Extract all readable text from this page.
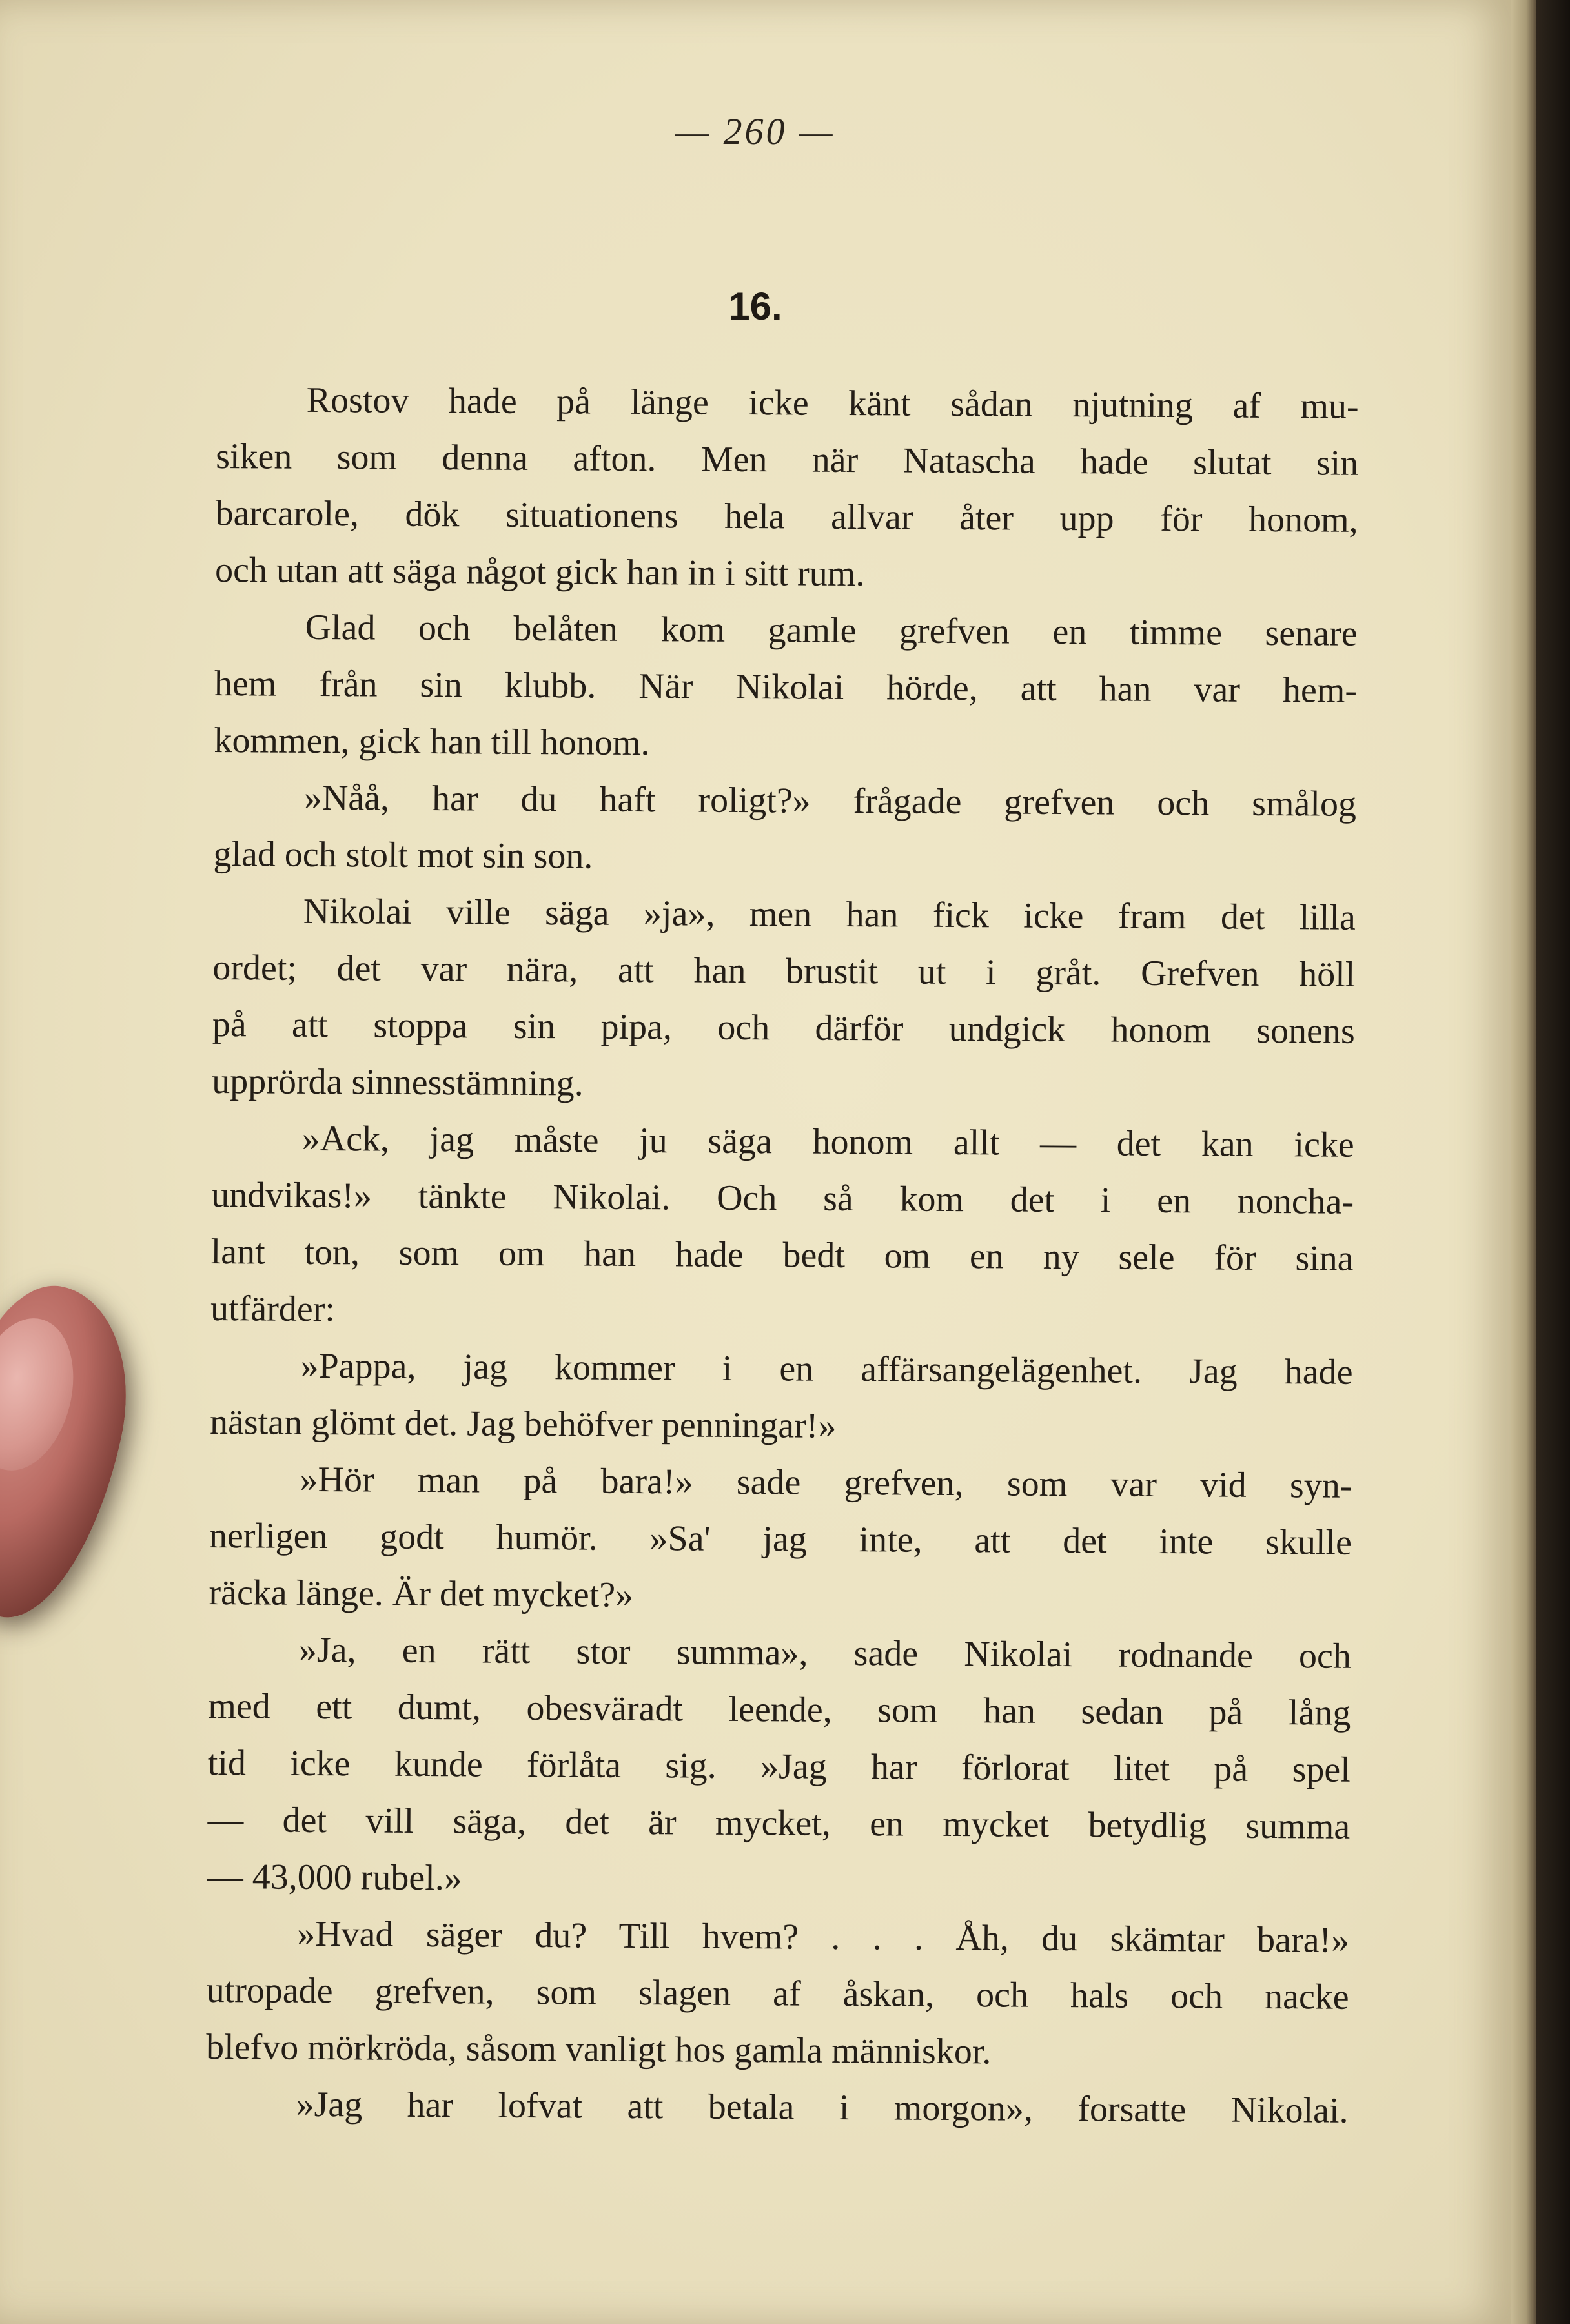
— 260 —
16.
Rostov hade på länge icke känt sådan njutning af mu-
siken som denna afton. Men när Natascha hade slutat sin
barcarole, dök situationens hela allvar åter upp för honom,
och utan att säga något gick han in i sitt rum.
Glad och belåten kom gamle grefven en timme senare
hem från sin klubb. När Nikolai hörde, att han var hem-
kommen, gick han till honom.
»Nåå, har du haft roligt?» frågade grefven och smålog
glad och stolt mot sin son.
Nikolai ville säga »ja», men han fick icke fram det lilla
ordet; det var nära, att han brustit ut i gråt. Grefven höll
på att stoppa sin pipa, och därför undgick honom sonens
upprörda sinnesstämning.
»Ack, jag måste ju säga honom allt — det kan icke
undvikas!» tänkte Nikolai. Och så kom det i en noncha-
lant ton, som om han hade bedt om en ny sele för sina
utfärder:
»Pappa, jag kommer i en affärsangelägenhet. Jag hade
nästan glömt det. Jag behöfver penningar!»
»Hör man på bara!» sade grefven, som var vid syn-
nerligen godt humör. »Sa' jag inte, att det inte skulle
räcka länge. Är det mycket?»
»Ja, en rätt stor summa», sade Nikolai rodnande och
med ett dumt, obesväradt leende, som han sedan på lång
tid icke kunde förlåta sig. »Jag har förlorat litet på spel
— det vill säga, det är mycket, en mycket betydlig summa
— 43,000 rubel.»
»Hvad säger du? Till hvem? . . . Åh, du skämtar bara!»
utropade grefven, som slagen af åskan, och hals och nacke
blefvo mörkröda, såsom vanligt hos gamla människor.
»Jag har lofvat att betala i morgon», forsatte Nikolai.
